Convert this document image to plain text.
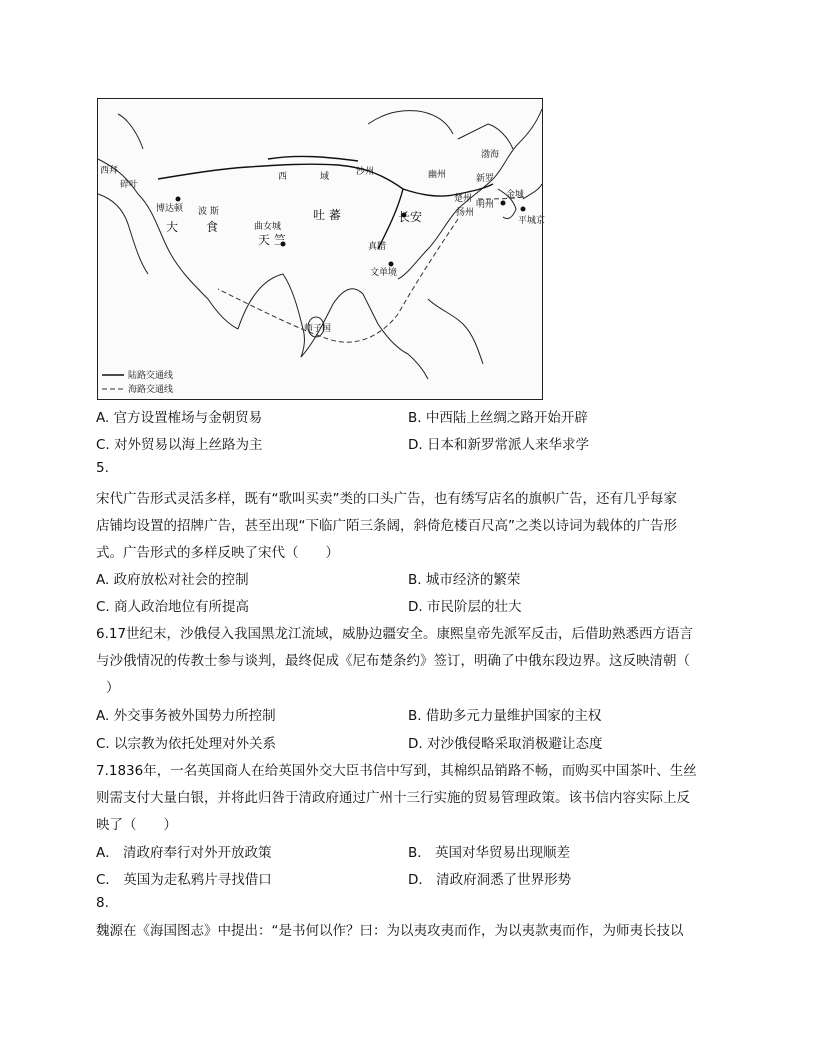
西	域	沙州	幽州
渤海
新罗
金城
平城京
吐 蕃	长安	扬州
楚州
明州
大 食
波 斯
博达顿
天 竺
曲女城
文单境
师子国
碎叶
真腊
西拜
陆路交通线
海路交通线
A. 官方设置榷场与金朝贸易	B. 中西陆上丝绸之路开始开辟
C. 对外贸易以海上丝路为主	D. 日本和新罗常派人来华求学
5.
宋代广告形式灵活多样，既有“歌叫买卖”类的口头广告，也有绣写店名的旗帜广告，还有几乎每家
店铺均设置的招牌广告，甚至出现“下临广陌三条阔，斜倚危楼百尺高”之类以诗词为载体的广告形
式。广告形式的多样反映了宋代（　　）
A. 政府放松对社会的控制	B. 城市经济的繁荣
C. 商人政治地位有所提高	D. 市民阶层的壮大
6.17世纪末，沙俄侵入我国黑龙江流域，威胁边疆安全。康熙皇帝先派军反击，后借助熟悉西方语言
与沙俄情况的传教士参与谈判，最终促成《尼布楚条约》签订，明确了中俄东段边界。这反映清朝（
）
A. 外交事务被外国势力所控制	B. 借助多元力量维护国家的主权
C. 以宗教为依托处理对外关系	D. 对沙俄侵略采取消极避让态度
7.1836年，一名英国商人在给英国外交大臣书信中写到，其棉织品销路不畅，而购买中国茶叶、生丝
则需支付大量白银，并将此归咎于清政府通过广州十三行实施的贸易管理政策。该书信内容实际上反
映了（　　）
A． 清政府奉行对外开放政策	B． 英国对华贸易出现顺差
C． 英国为走私鸦片寻找借口	D． 清政府洞悉了世界形势
8.
魏源在《海国图志》中提出：“是书何以作？曰：为以夷攻夷而作，为以夷款夷而作，为师夷长技以
